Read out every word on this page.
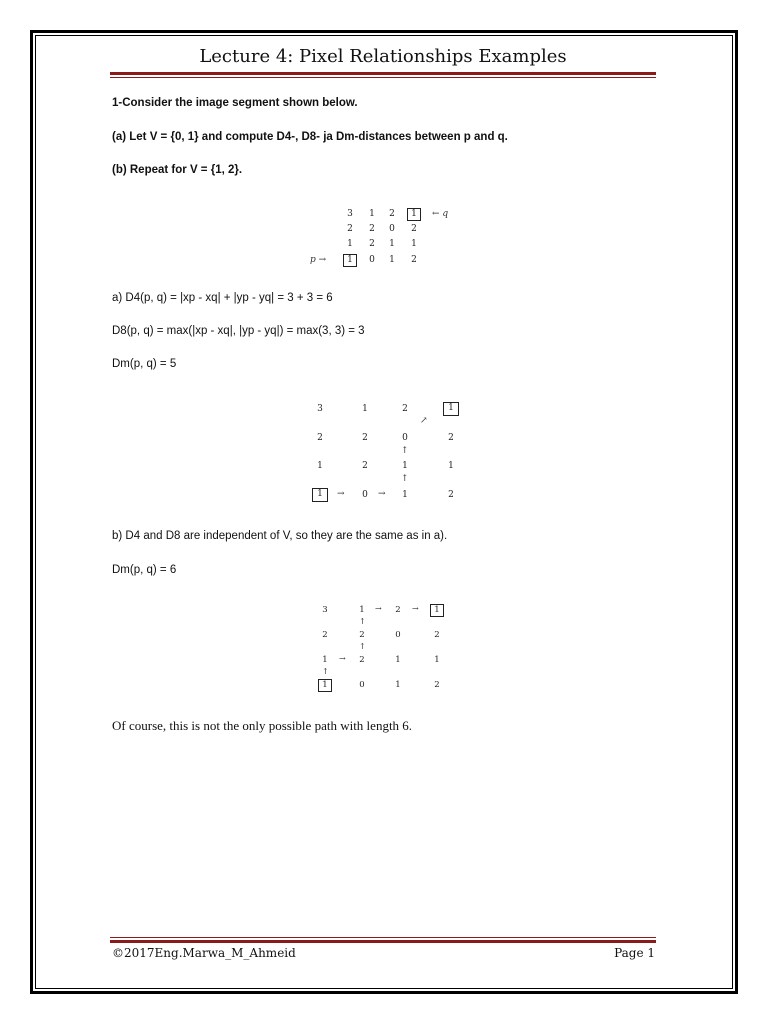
Lecture 4: Pixel Relationships Examples
1-Consider the image segment shown below.
(a) Let V = {0, 1} and compute D4-, D8- ja Dm-distances between p and q.
(b) Repeat for V = {1, 2}.
3	1	2	1	← q
2	2	0	2
1	2	1	1
p →	1	0	1	2
a) D4(p, q) = |xp - xq| + |yp - yq| = 3 + 3 = 6
D8(p, q) = max(|xp - xq|, |yp - yq|) = max(3, 3) = 3
Dm(p, q) = 5
3	1	2	1
↗
2	2	0	2
↑
1	2	1	1
↑
1	→	0	→	1	2
b) D4 and D8 are independent of V, so they are the same as in a).
Dm(p, q) = 6
3	1	→	2	→	1
↑
2	2	0	2
↑
1	→	2	1	1
↑
1	0	1	2
Of course, this is not the only possible path with length 6.
©2017Eng.Marwa_M_Ahmeid	Page 1
